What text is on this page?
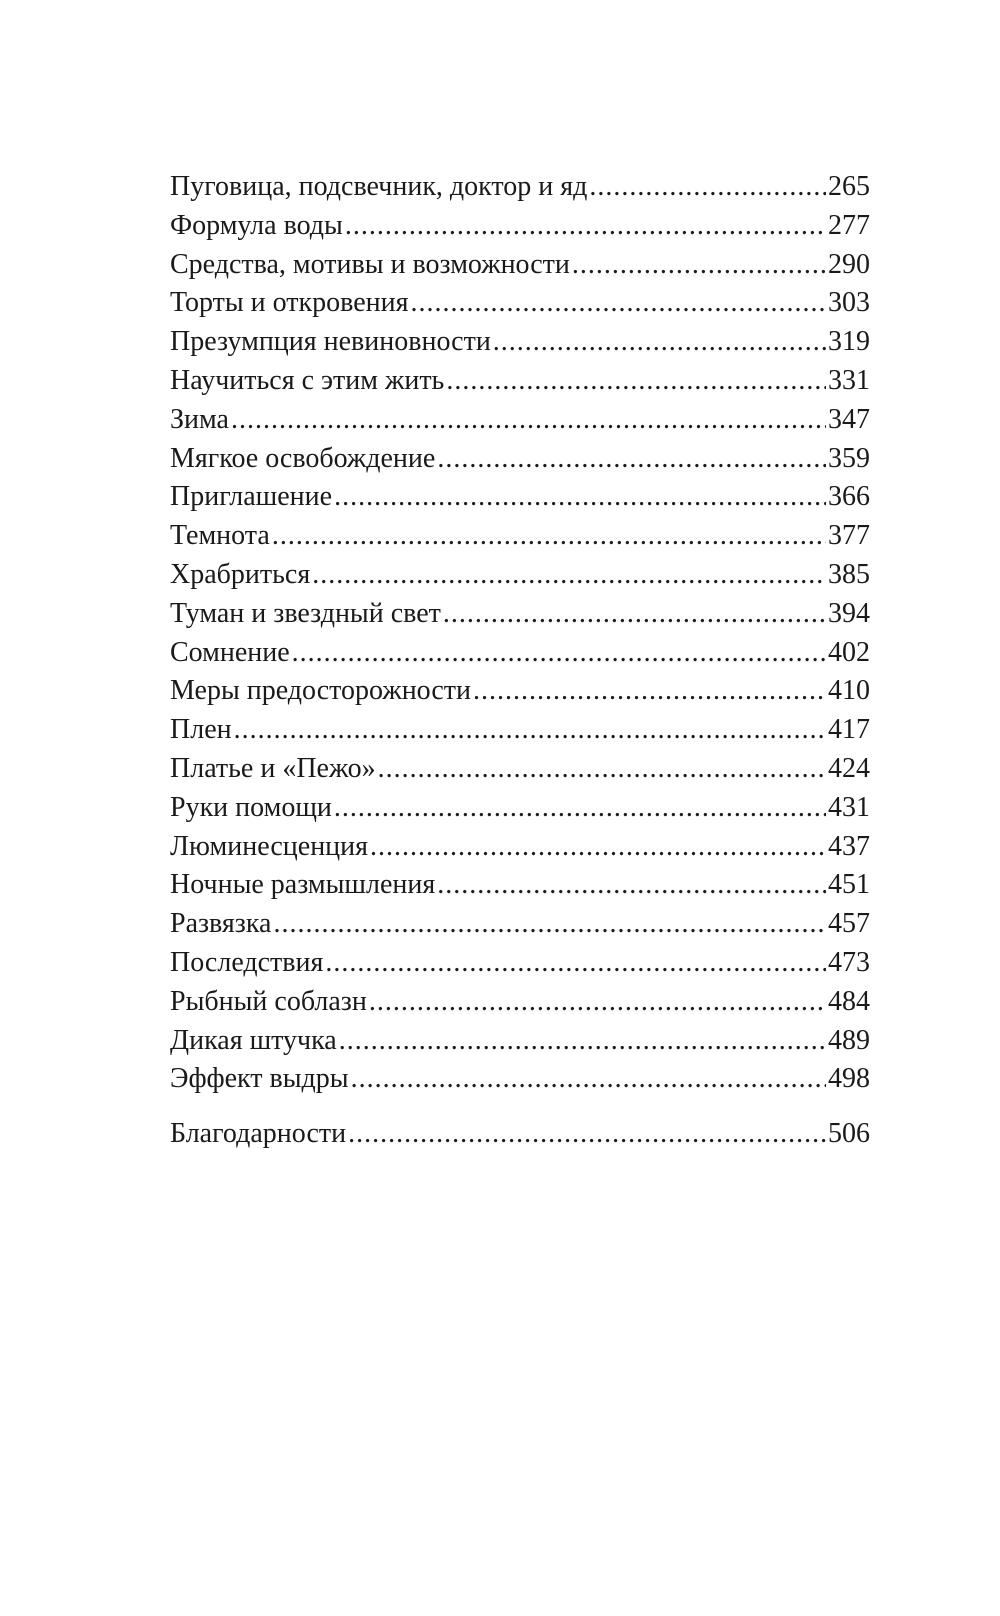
Пуговица, подсвечник, доктор и яд .....	265
Формула воды .....	277
Средства, мотивы и возможности .....	290
Торты и откровения .....	303
Презумпция невиновности .....	319
Научиться с этим жить .....	331
Зима .....	347
Мягкое освобождение .....	359
Приглашение .....	366
Темнота .....	377
Храбриться .....	385
Туман и звездный свет .....	394
Сомнение .....	402
Меры предосторожности .....	410
Плен .....	417
Платье и «Пежо» .....	424
Руки помощи .....	431
Люминесценция .....	437
Ночные размышления .....	451
Развязка .....	457
Последствия .....	473
Рыбный соблазн .....	484
Дикая штучка .....	489
Эффект выдры .....	498
Благодарности .....	506
